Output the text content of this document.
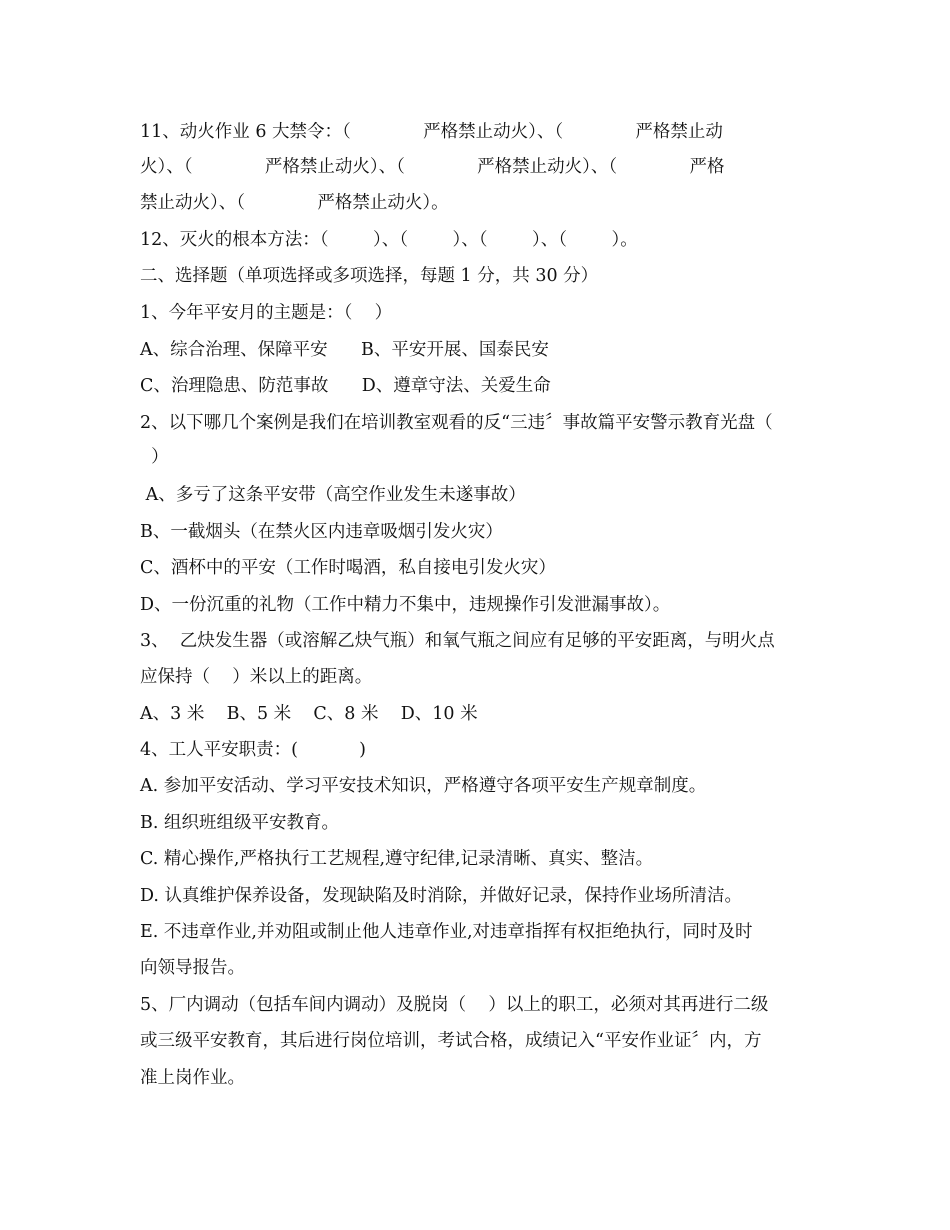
11、动火作业 6 大禁令：（             严格禁止动火）、（             严格禁止动
火）、（             严格禁止动火）、（             严格禁止动火）、（             严格
禁止动火）、（             严格禁止动火）。
12、灭火的根本方法：（        ）、（        ）、（        ）、（        ）。
二、选择题（单项选择或多项选择，每题 1 分，共 30 分）
1、今年平安月的主题是：（    ）
A、综合治理、保障平安      B、平安开展、国泰民安
C、治理隐患、防范事故      D、遵章守法、关爱生命
2、以下哪几个案例是我们在培训教室观看的反“三违〞事故篇平安警示教育光盘（
）
A、多亏了这条平安带（高空作业发生未遂事故）
B、一截烟头（在禁火区内违章吸烟引发火灾）
C、酒杯中的平安（工作时喝酒，私自接电引发火灾）
D、一份沉重的礼物（工作中精力不集中，违规操作引发泄漏事故）。
3、  乙炔发生器（或溶解乙炔气瓶）和氧气瓶之间应有足够的平安距离，与明火点
应保持（    ）米以上的距离。
A、3 米    B、5 米    C、8 米    D、10 米
4、工人平安职责：(           )
A. 参加平安活动、学习平安技术知识，严格遵守各项平安生产规章制度。
B. 组织班组级平安教育。
C. 精心操作,严格执行工艺规程,遵守纪律,记录清晰、真实、整洁。
D. 认真维护保养设备，发现缺陷及时消除，并做好记录，保持作业场所清洁。
E. 不违章作业,并劝阻或制止他人违章作业,对违章指挥有权拒绝执行，同时及时
向领导报告。
5、厂内调动（包括车间内调动）及脱岗（    ）以上的职工，必须对其再进行二级
或三级平安教育，其后进行岗位培训，考试合格，成绩记入“平安作业证〞内，方
准上岗作业。
